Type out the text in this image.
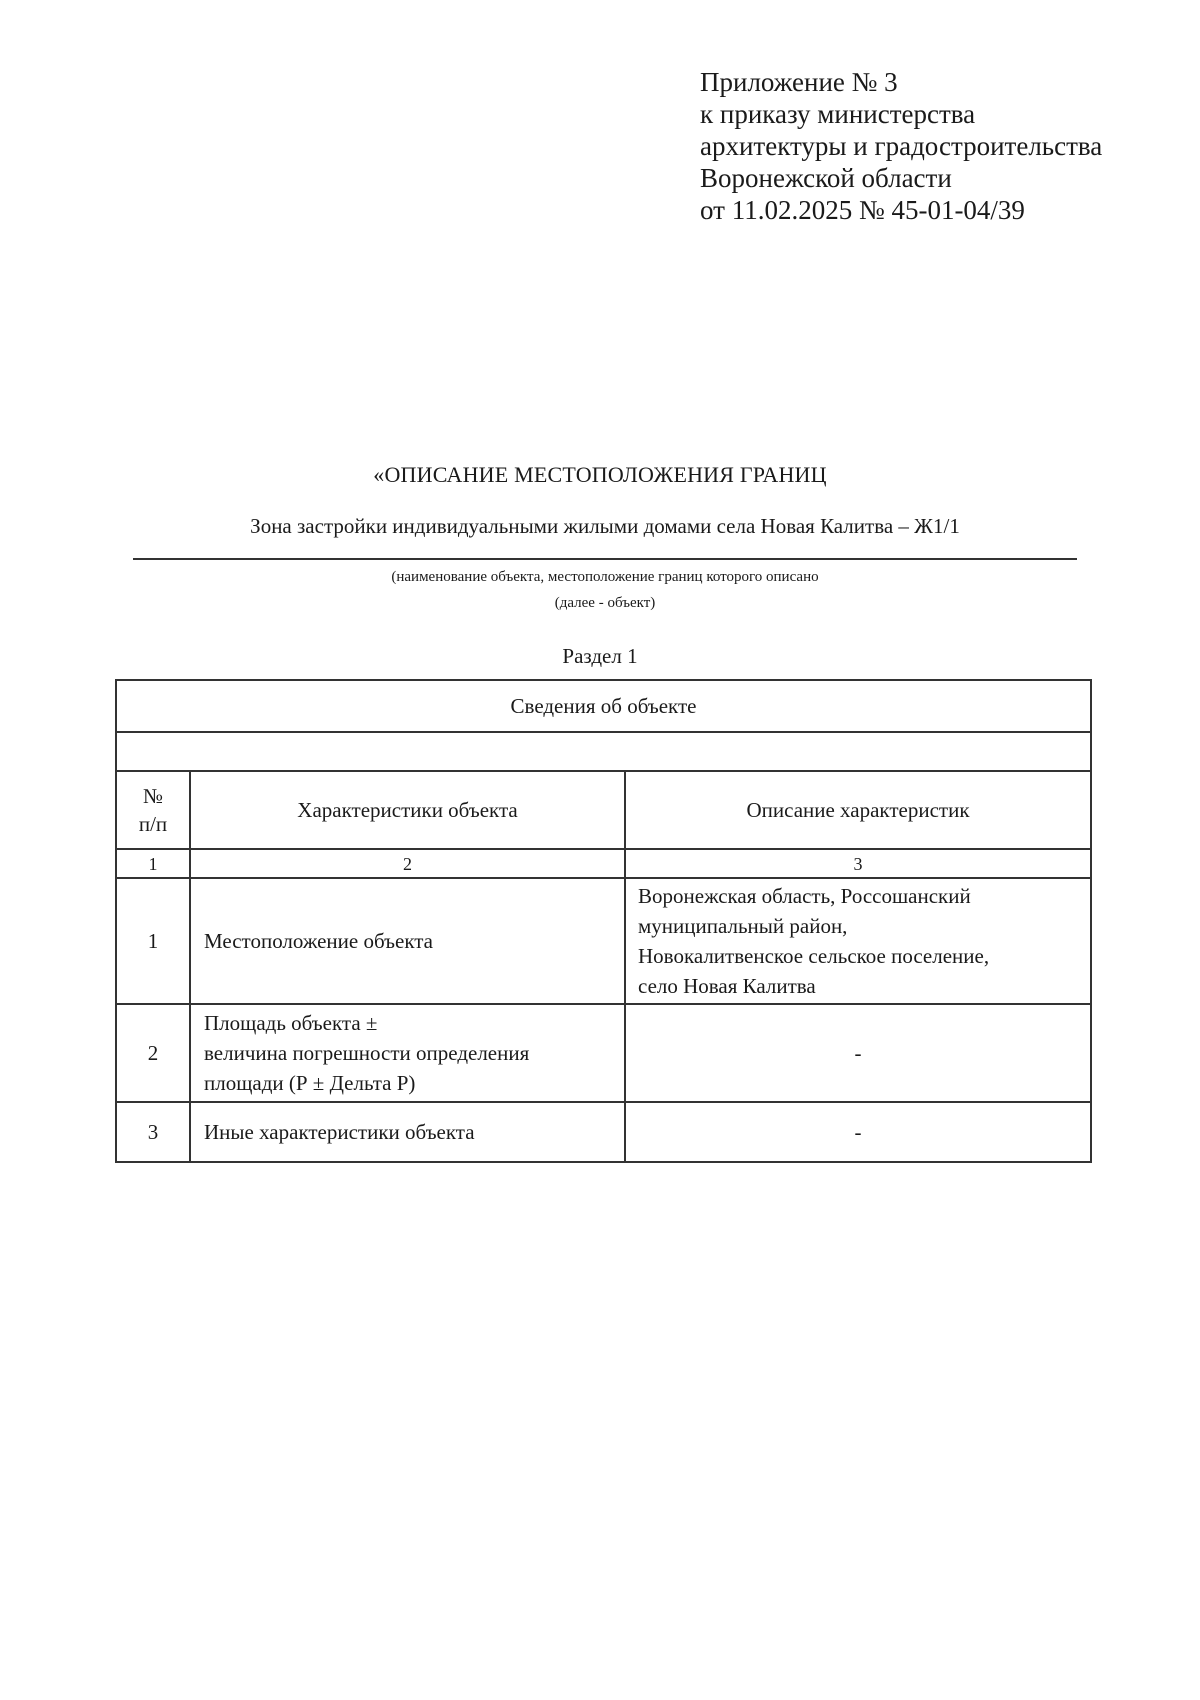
Приложение № 3
к приказу министерства
архитектуры и градостроительства
Воронежской области
от 11.02.2025 № 45-01-04/39
«ОПИСАНИЕ МЕСТОПОЛОЖЕНИЯ ГРАНИЦ
Зона застройки индивидуальными жилыми домами села Новая Калитва – Ж1/1
(наименование объекта, местоположение границ которого описано
(далее - объект)
Раздел 1
Сведения об объекте		

№
п/п	Характеристики объекта	Описание характеристик
1	2	3
1	Местоположение объекта	Воронежская область, Россошанский
муниципальный район,
Новокалитвенское сельское поселение,
село Новая Калитва

2	Площадь объекта ±
величина погрешности определения
площади (Р ± Дельта Р)	-

3	Иные характеристики объекта	-
